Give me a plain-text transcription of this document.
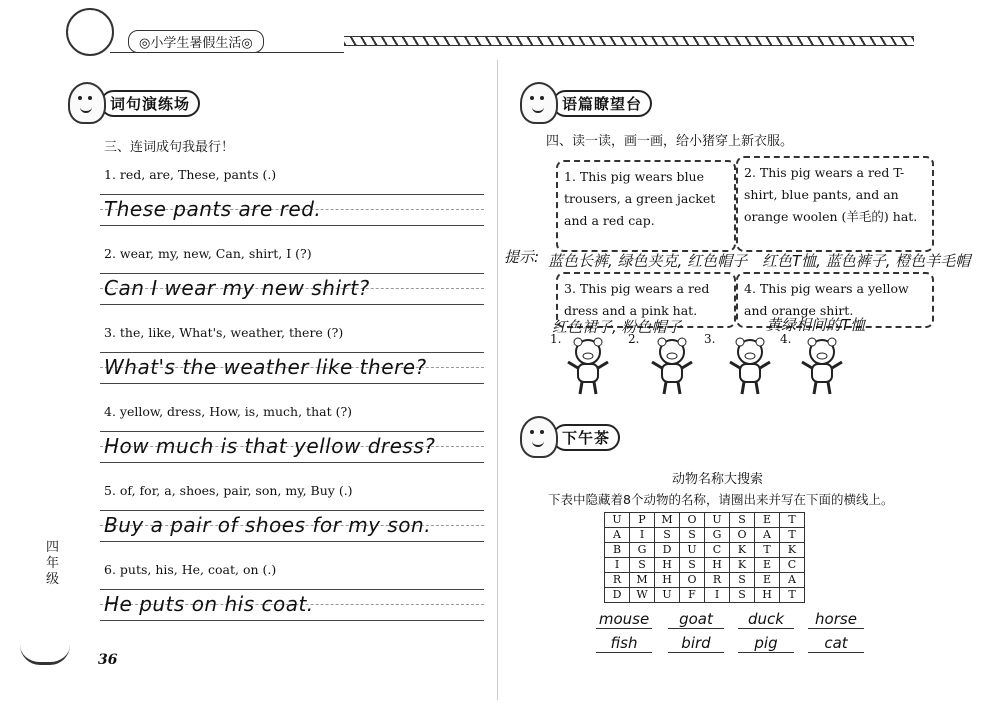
◎小学生暑假生活◎
词句演练场
三、连词成句我最行！
1. red, are, These, pants (.)
These pants are red.
2. wear, my, new, Can, shirt, I (?)
Can I wear my new shirt?
3. the, like, What's, weather, there (?)
What's the weather like there?
4. yellow, dress, How, is, much, that (?)
How much is that yellow dress?
5. of, for, a, shoes, pair, son, my, Buy (.)
Buy a pair of shoes for my son.
6. puts, his, He, coat, on (.)
He puts on his coat.
四年级
36
语篇瞭望台
四、读一读，画一画，给小猪穿上新衣服。
1. This pig wears blue trousers, a green jacket and a red cap.
2. This pig wears a red T-shirt, blue pants, and an orange woolen (羊毛的) hat.
3. This pig wears a red dress and a pink hat.
4. This pig wears a yellow and orange shirt.
提示: 蓝色长裤, 绿色夹克, 红色帽子 红色T恤, 蓝色裤子, 橙色羊毛帽
红色裙子, 粉色帽子	黄绿相间的T恤
1.	2.	3.	4.
下午茶
动物名称大搜索
下表中隐藏着8个动物的名称，请圈出来并写在下面的横线上。
U	P	M	O	U	S	E	T
A	I	S	S	G	O	A	T
B	G	D	U	C	K	T	K
I	S	H	S	H	K	E	C
R	M	H	O	R	S	E	A
D	W	U	F	I	S	H	T
mouse	goat	duck	horse
fish	bird	pig	cat
